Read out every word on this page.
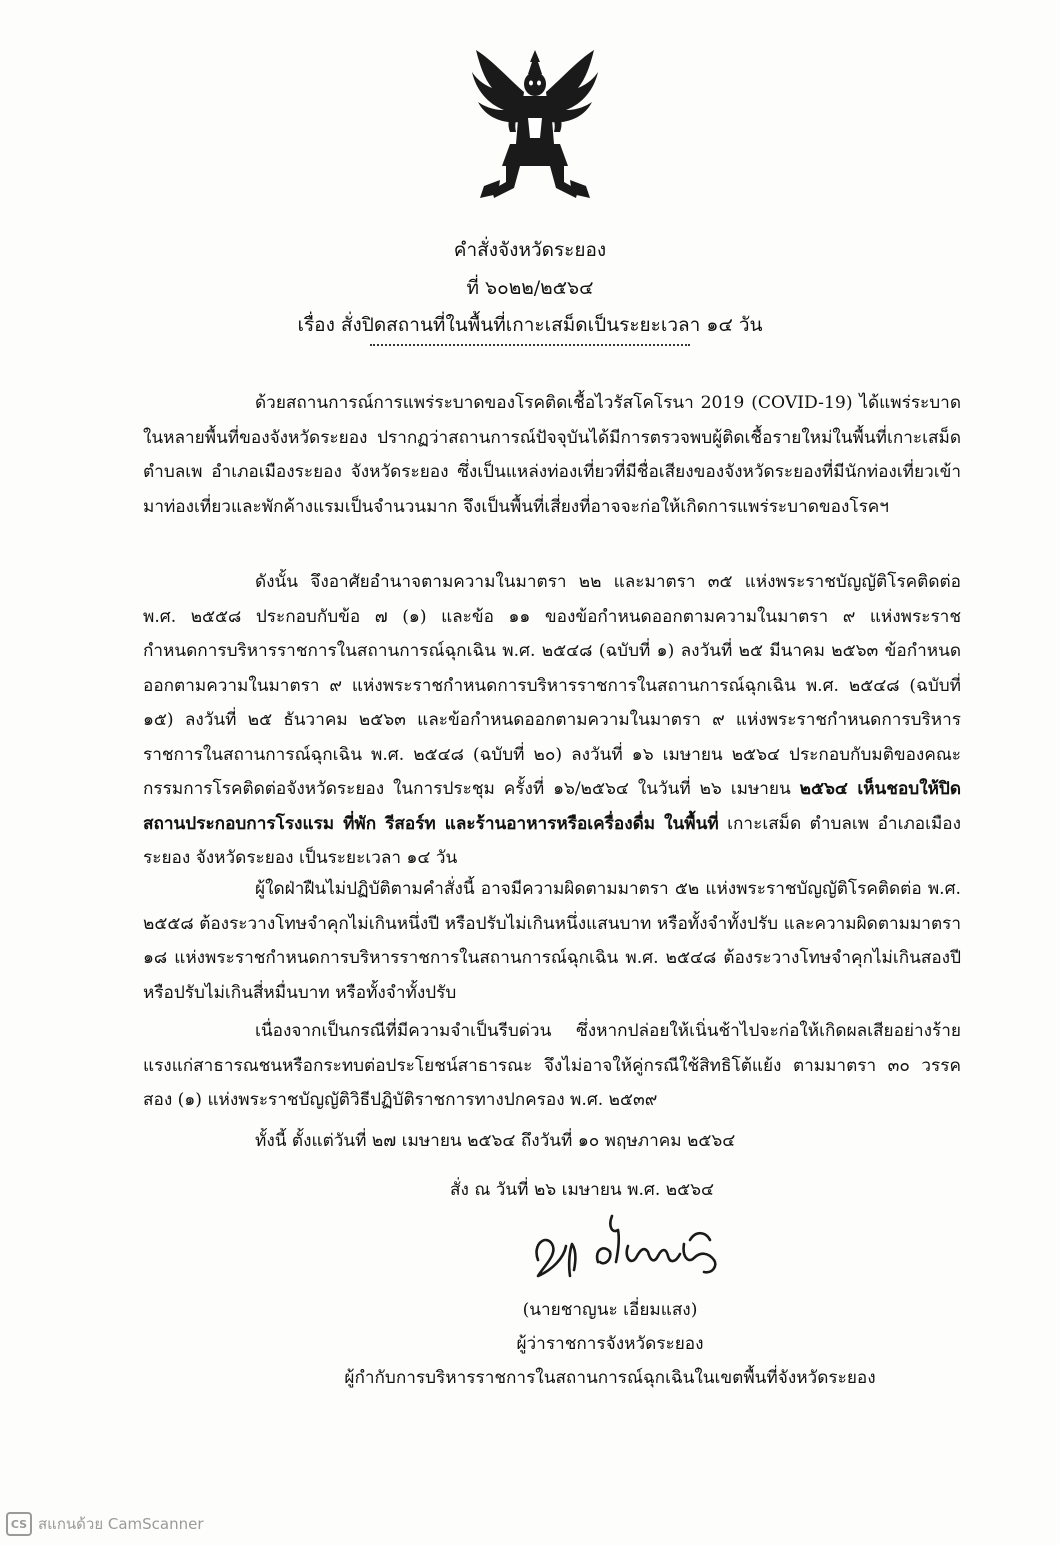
คำสั่งจังหวัดระยอง
ที่ ๖๐๒๒/๒๕๖๔
เรื่อง สั่งปิดสถานที่ในพื้นที่เกาะเสม็ดเป็นระยะเวลา ๑๔ วัน

ด้วยสถานการณ์การแพร่ระบาดของโรคติดเชื้อไวรัสโคโรนา 2019 (COVID-19) ได้แพร่ระบาดในหลายพื้นที่ของจังหวัดระยอง ปรากฏว่าสถานการณ์ปัจจุบันได้มีการตรวจพบผู้ติดเชื้อรายใหม่ในพื้นที่เกาะเสม็ด ตำบลเพ อำเภอเมืองระยอง จังหวัดระยอง ซึ่งเป็นแหล่งท่องเที่ยวที่มีชื่อเสียงของจังหวัดระยองที่มีนักท่องเที่ยวเข้ามาท่องเที่ยวและพักค้างแรมเป็นจำนวนมาก จึงเป็นพื้นที่เสี่ยงที่อาจจะก่อให้เกิดการแพร่ระบาดของโรคฯ

ดังนั้น จึงอาศัยอำนาจตามความในมาตรา ๒๒ และมาตรา ๓๕ แห่งพระราชบัญญัติโรคติดต่อ พ.ศ. ๒๕๕๘ ประกอบกับข้อ ๗ (๑) และข้อ ๑๑ ของข้อกำหนดออกตามความในมาตรา ๙ แห่งพระราชกำหนดการบริหารราชการในสถานการณ์ฉุกเฉิน พ.ศ. ๒๕๔๘ (ฉบับที่ ๑) ลงวันที่ ๒๕ มีนาคม ๒๕๖๓ ข้อกำหนดออกตามความในมาตรา ๙ แห่งพระราชกำหนดการบริหารราชการในสถานการณ์ฉุกเฉิน พ.ศ. ๒๕๔๘ (ฉบับที่ ๑๕) ลงวันที่ ๒๕ ธันวาคม ๒๕๖๓ และข้อกำหนดออกตามความในมาตรา ๙ แห่งพระราชกำหนดการบริหารราชการในสถานการณ์ฉุกเฉิน พ.ศ. ๒๕๔๘ (ฉบับที่ ๒๐) ลงวันที่ ๑๖ เมษายน ๒๕๖๔ ประกอบกับมติของคณะกรรมการโรคติดต่อจังหวัดระยอง ในการประชุม ครั้งที่ ๑๖/๒๕๖๔ ในวันที่ ๒๖ เมษายน ๒๕๖๔ เห็นชอบให้ปิดสถานประกอบการโรงแรม ที่พัก รีสอร์ท และร้านอาหารหรือเครื่องดื่ม ในพื้นที่ เกาะเสม็ด ตำบลเพ อำเภอเมืองระยอง จังหวัดระยอง เป็นระยะเวลา ๑๔ วัน

ผู้ใดฝ่าฝืนไม่ปฏิบัติตามคำสั่งนี้ อาจมีความผิดตามมาตรา ๕๒ แห่งพระราชบัญญัติโรคติดต่อ พ.ศ. ๒๕๕๘ ต้องระวางโทษจำคุกไม่เกินหนึ่งปี หรือปรับไม่เกินหนึ่งแสนบาท หรือทั้งจำทั้งปรับ และความผิดตามมาตรา ๑๘ แห่งพระราชกำหนดการบริหารราชการในสถานการณ์ฉุกเฉิน พ.ศ. ๒๕๔๘ ต้องระวางโทษจำคุกไม่เกินสองปี หรือปรับไม่เกินสี่หมื่นบาท หรือทั้งจำทั้งปรับ

เนื่องจากเป็นกรณีที่มีความจำเป็นรีบด่วน ซึ่งหากปล่อยให้เนิ่นช้าไปจะก่อให้เกิดผลเสียอย่างร้ายแรงแก่สาธารณชนหรือกระทบต่อประโยชน์สาธารณะ จึงไม่อาจให้คู่กรณีใช้สิทธิโต้แย้ง ตามมาตรา ๓๐ วรรคสอง (๑) แห่งพระราชบัญญัติวิธีปฏิบัติราชการทางปกครอง พ.ศ. ๒๕๓๙

ทั้งนี้ ตั้งแต่วันที่ ๒๗ เมษายน ๒๕๖๔ ถึงวันที่ ๑๐ พฤษภาคม ๒๕๖๔

สั่ง ณ วันที่ ๒๖ เมษายน พ.ศ. ๒๕๖๔
(นายชาญนะ เอี่ยมแสง)
ผู้ว่าราชการจังหวัดระยอง
ผู้กำกับการบริหารราชการในสถานการณ์ฉุกเฉินในเขตพื้นที่จังหวัดระยอง
CS สแกนด้วย CamScanner
